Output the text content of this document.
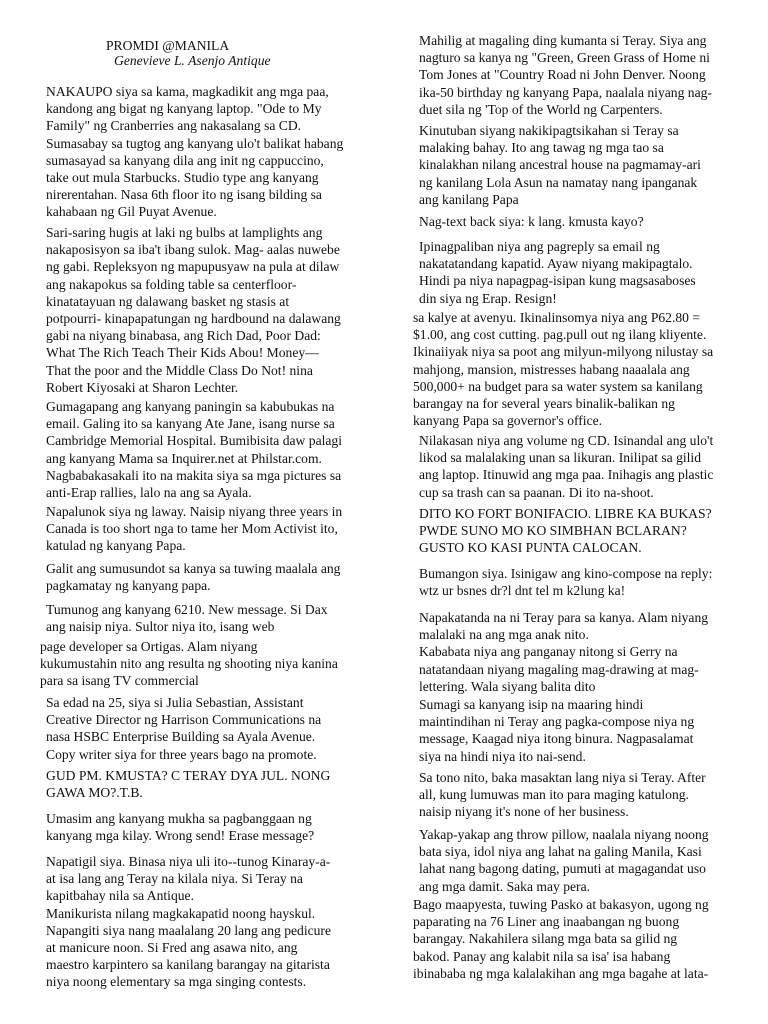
PROMDI @MANILA
Genevieve L. Asenjo Antique

NAKAUPO siya sa kama, magkadikit ang mga paa,
kandong ang bigat ng kanyang laptop. "Ode to My
Family" ng Cranberries ang nakasalang sa CD.
Sumasabay sa tugtog ang kanyang ulo't balikat habang
sumasayad sa kanyang dila ang init ng cappuccino,
take out mula Starbucks. Studio type ang kanyang
nirerentahan. Nasa 6th floor ito ng isang bilding sa
kahabaan ng Gil Puyat Avenue.

Sari-saring hugis at laki ng bulbs at lamplights ang
nakaposisyon sa iba't ibang sulok. Mag- aalas nuwebe
ng gabi. Repleksyon ng mapupusyaw na pula at dilaw
ang nakapokus sa folding table sa centerfloor-
kinatatayuan ng dalawang basket ng stasis at
potpourri- kinapapatungan ng hardbound na dalawang
gabi na niyang binabasa, ang Rich Dad, Poor Dad:
What The Rich Teach Their Kids Abou! Money—
That the poor and the Middle Class Do Not! nina
Robert Kiyosaki at Sharon Lechter.

Gumagapang ang kanyang paningin sa kabubukas na
email. Galing ito sa kanyang Ate Jane, isang nurse sa
Cambridge Memorial Hospital. Bumibisita daw palagi
ang kanyang Mama sa Inquirer.net at Philstar.com.
Nagbabakasakali ito na makita siya sa mga pictures sa
anti-Erap rallies, lalo na ang sa Ayala.

Napalunok siya ng laway. Naisip niyang three years in
Canada is too short nga to tame her Mom Activist ito,
katulad ng kanyang Papa.

Galit ang sumusundot sa kanya sa tuwing maalala ang
pagkamatay ng kanyang papa.

Tumunog ang kanyang 6210. New message. Si Dax
ang naisip niya. Sultor niya ito, isang web

page developer sa Ortigas. Alam niyang
kukumustahin nito ang resulta ng shooting niya kanina
para sa isang TV commercial

Sa edad na 25, siya si Julia Sebastian, Assistant
Creative Director ng Harrison Communications na
nasa HSBC Enterprise Building sa Ayala Avenue.
Copy writer siya for three years bago na promote.

GUD PM. KMUSTA? C TERAY DYA JUL. NONG
GAWA MO?.T.B.

Umasim ang kanyang mukha sa pagbanggaan ng
kanyang mga kilay. Wrong send! Erase message?

Napatigil siya. Binasa niya uli ito--tunog Kinaray-a-
at isa lang ang Teray na kilala niya. Si Teray na
kapitbahay nila sa Antique.
Manikurista nilang magkakapatid noong hayskul.
Napangiti siya nang maalalang 20 lang ang pedicure
at manicure noon. Si Fred ang asawa nito, ang
maestro karpintero sa kanilang barangay na gitarista
niya noong elementary sa mga singing contests.

Mahilig at magaling ding kumanta si Teray. Siya ang
nagturo sa kanya ng "Green, Green Grass of Home ni
Tom Jones at "Country Road ni John Denver. Noong
ika-50 birthday ng kanyang Papa, naalala niyang nag-
duet sila ng 'Top of the World ng Carpenters.

Kinutuban siyang nakikipagtsikahan si Teray sa
malaking bahay. Ito ang tawag ng mga tao sa
kinalakhan nilang ancestral house na pagmamay-ari
ng kanilang Lola Asun na namatay nang ipanganak
ang kanilang Papa

Nag-text back siya: k lang. kmusta kayo?

Ipinagpaliban niya ang pagreply sa email ng
nakatatandang kapatid. Ayaw niyang makipagtalo.
Hindi pa niya napagpag-isipan kung magsasaboses
din siya ng Erap. Resign!

sa kalye at avenyu. Ikinalinsomya niya ang P62.80 =
$1.00, ang cost cutting. pag.pull out ng ilang kliyente.
Ikinaiiyak niya sa poot ang milyun-milyong nilustay sa
mahjong, mansion, mistresses habang naaalala ang
500,000+ na budget para sa water system sa kanilang
barangay na for several years binalik-balikan ng
kanyang Papa sa governor's office.

Nilakasan niya ang volume ng CD. Isinandal ang ulo't
likod sa malalaking unan sa likuran. Inilipat sa gilid
ang laptop. Itinuwid ang mga paa. Inihagis ang plastic
cup sa trash can sa paanan. Di ito na-shoot.

DITO KO FORT BONIFACIO. LIBRE KA BUKAS?
PWDE SUNO MO KO SIMBHAN BCLARAN?
GUSTO KO KASI PUNTA CALOCAN.

Bumangon siya. Isinigaw ang kino-compose na reply:
wtz ur bsnes dr?l dnt tel m k2lung ka!

Napakatanda na ni Teray para sa kanya. Alam niyang
malalaki na ang mga anak nito.
Kababata niya ang panganay nitong si Gerry na
natatandaan niyang magaling mag-drawing at mag-
lettering. Wala siyang balita dito

Sumagi sa kanyang isip na maaring hindi
maintindihan ni Teray ang pagka-compose niya ng
message, Kaagad niya itong binura. Nagpasalamat
siya na hindi niya ito nai-send.

Sa tono nito, baka masaktan lang niya si Teray. After
all, kung lumuwas man ito para maging katulong.
naisip niyang it's none of her business.

Yakap-yakap ang throw pillow, naalala niyang noong
bata siya, idol niya ang lahat na galing Manila, Kasi
lahat nang bagong dating, pumuti at magagandat uso
ang mga damit. Saka may pera.

Bago maapyesta, tuwing Pasko at bakasyon, ugong ng
paparating na 76 Liner ang inaabangan ng buong
barangay. Nakahilera silang mga bata sa gilid ng
bakod. Panay ang kalabit nila sa isa' isa habang
ibinababa ng mga kalalakihan ang mga bagahe at lata-
